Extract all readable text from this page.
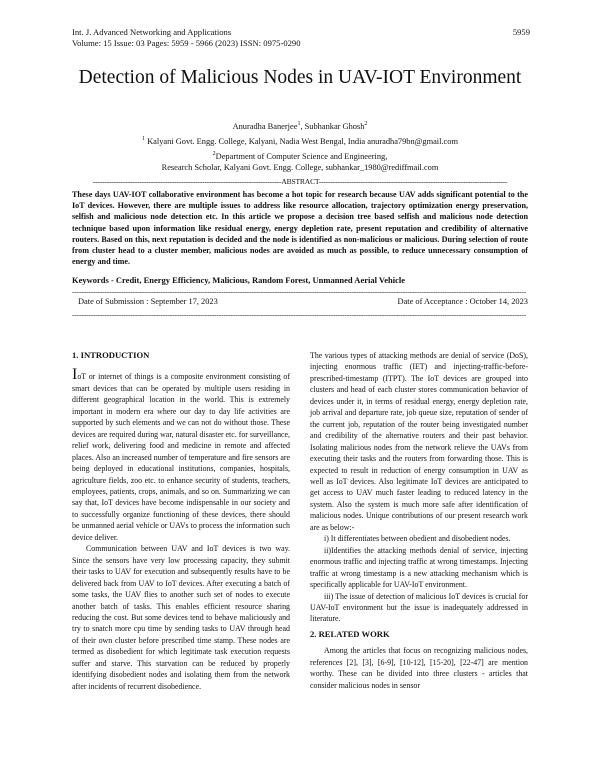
Int. J. Advanced Networking and Applications
Volume: 15 Issue: 03 Pages: 5959 - 5966 (2023) ISSN: 0975-0290
5959
Detection of Malicious Nodes in UAV-IOT Environment
Anuradha Banerjee$^1$, Subhankar Ghosh$^2$
$^1$ Kalyani Govt. Engg. College, Kalyani, Nadia West Bengal, India anuradha79bn@gmail.com
$^2$Department of Computer Science and Engineering,
Research Scholar, Kalyani Govt. Engg. College, subhankar_1980@rediffmail.com
---------------------------------------------------------------------------------ABSTRACT---------------------------------------------------------------------------------
These days UAV-IOT collaborative environment has become a hot topic for research because UAV adds significant potential to the IoT devices. However, there are multiple issues to address like resource allocation, trajectory optimization energy preservation, selfish and malicious node detection etc. In this article we propose a decision tree based selfish and malicious node detection technique based upon information like residual energy, energy depletion rate, present reputation and credibility of alternative routers. Based on this, next reputation is decided and the node is identified as non-malicious or malicious. During selection of route from cluster head to a cluster member, malicious nodes are avoided as much as possible, to reduce unnecessary consumption of energy and time.
Keywords - Credit, Energy Efficiency, Malicious, Random Forest, Unmanned Aerial Vehicle
---------------------------------------------------------------------------------------------------------------------------------------------------------------------------------------------------
Date of Submission : September 17, 2023	Date of Acceptance : October 14, 2023
---------------------------------------------------------------------------------------------------------------------------------------------------------------------------------------------------

1. INTRODUCTION

IoT or internet of things is a composite environment consisting of smart devices that can be operated by multiple users residing in different geographical location in the world. This is extremely important in modern era where our day to day life activities are supported by such elements and we can not do without those. These devices are required during war, natural disaster etc. for surveillance, relief work, delivering food and medicine in remote and affected places. Also an increased number of temperature and fire sensors are being deployed in educational institutions, companies, hospitals, agriculture fields, zoo etc. to enhance security of students, teachers, employees, patients, crops, animals, and so on. Summarizing we can say that, IoT devices have become indispensable in our society and to successfully organize functioning of these devices, there should be unmanned aerial vehicle or UAVs to process the information such device deliver.

Communication between UAV and IoT devices is two way. Since the sensors have very low processing capacity, they submit their tasks to UAV for execution and subsequently results have to be delivered back from UAV to IoT devices. After executing a batch of some tasks, the UAV flies to another such set of nodes to execute another batch of tasks. This enables efficient resource sharing reducing the cost. But some devices tend to behave maliciously and try to snatch more cpu time by sending tasks to UAV through head of their own cluster before prescribed time stamp. These nodes are termed as disobedient for which legitimate task execution requests suffer and starve. This starvation can be reduced by properly identifying disobedient nodes and isolating them from the network after incidents of recurrent disobedience.

The various types of attacking methods are denial of service (DoS), injecting enormous traffic (IET) and injecting-traffic-before-prescribed-timestamp (ITPT). The IoT devices are grouped into clusters and head of each cluster stores communication behavior of devices under it, in terms of residual energy, energy depletion rate, job arrival and departure rate, job queue size, reputation of sender of the current job, reputation of the router being investigated number and credibility of the alternative routers and their past behavior. Isolating malicious nodes from the network relieve the UAVs from executing their tasks and the routers from forwarding those. This is expected to result in reduction of energy consumption in UAV as well as IoT devices. Also legitimate IoT devices are anticipated to get access to UAV much faster leading to reduced latency in the system. Also the system is much more safe after identification of malicious nodes. Unique contributions of our present research work are as below:-

i) It differentiates between obedient and disobedient nodes.

ii)Identifies the attacking methods denial of service, injecting enormous traffic and injecting traffic at wrong timestamps. Injecting traffic at wrong timestamp is a new attacking mechanism which is specifically applicable for UAV-IoT environment.

iii) The issue of detection of malicious IoT devices is crucial for UAV-IoT environment but the issue is inadequately addressed in literature.

2. RELATED WORK

Among the articles that focus on recognizing malicious nodes, references [2], [3], [6-9], [10-12], [15-20], [22-47] are mention worthy. These can be divided into three clusters - articles that consider malicious nodes in sensor
